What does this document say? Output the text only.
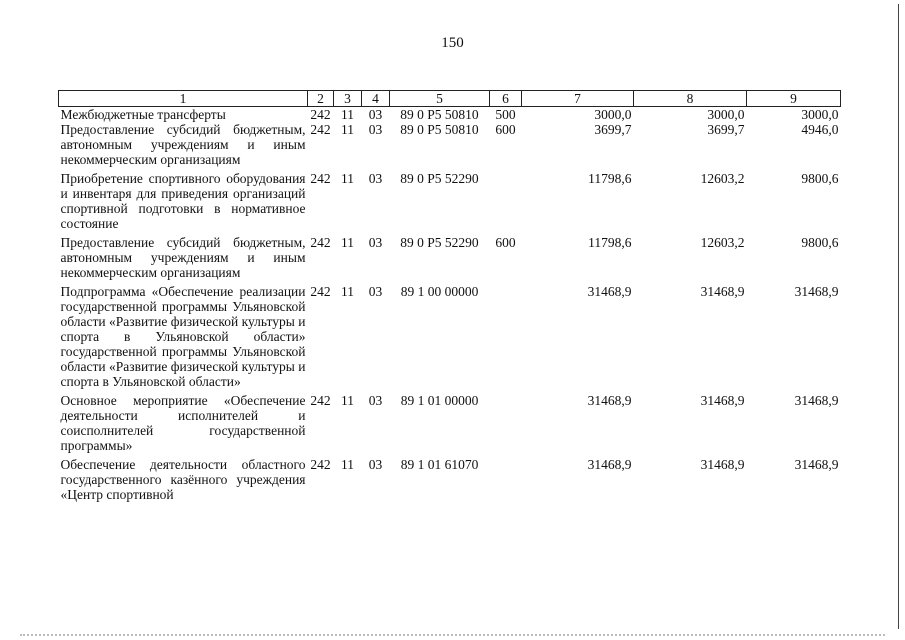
150
1	2	3	4	5	6	7	8	9
Межбюджетные трансферты	242	11	03	89 0 P5 50810	500	3000,0	3000,0	3000,0
Предоставление субсидий бюджетным, автономным учреждениям и иным некоммерческим организациям	242	11	03	89 0 P5 50810	600	3699,7	3699,7	4946,0
Приобретение спортивного оборудования и инвентаря для приведения организаций спортивной подготовки в нормативное состояние	242	11	03	89 0 P5 52290		11798,6	12603,2	9800,6
Предоставление субсидий бюджетным, автономным учреждениям и иным некоммерческим организациям	242	11	03	89 0 P5 52290	600	11798,6	12603,2	9800,6
Подпрограмма «Обеспечение реализации государственной программы Ульяновской области «Развитие физической культуры и спорта в Ульяновской области» государственной программы Ульяновской области «Развитие физической культуры и спорта в Ульяновской области»	242	11	03	89 1 00 00000		31468,9	31468,9	31468,9
Основное мероприятие «Обеспечение деятельности исполнителей и соисполнителей государственной программы»	242	11	03	89 1 01 00000		31468,9	31468,9	31468,9
Обеспечение деятельности областного государственного казённого учреждения «Центр спортивной	242	11	03	89 1 01 61070		31468,9	31468,9	31468,9
